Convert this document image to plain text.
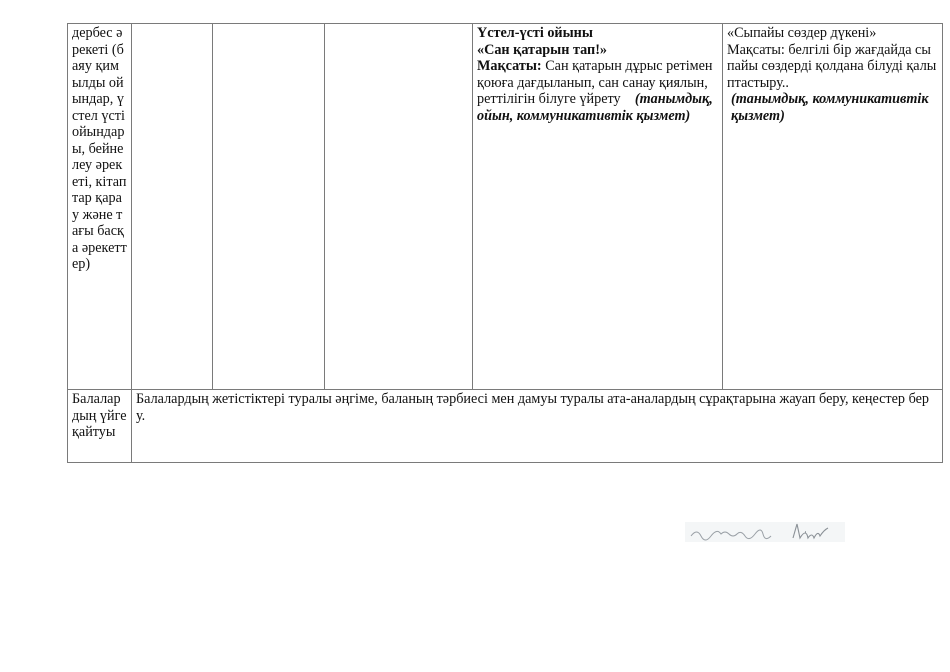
дербес әрекеті (баяу қимылды ойындар, үстел үсті ойындары, бейнелеу әрекеті, кітаптар қарау және тағы басқа әрекеттер)				Үстел-үсті ойыны
«Сан қатарын тап!»
Мақсаты: Сан қатарын дұрыс ретімен қоюға дағдыланып, сан санау қиялын, реттілігін білуге үйрету (танымдық, ойын, коммуникативтік қызмет)	«Сыпайы сөздер дүкені»
Мақсаты: белгілі бір жағдайда сыпайы сөздерді қолдана білуді қалыптастыру..
(танымдық, коммуникативтік қызмет)

Балалардың үйге қайтуы	Балалардың жетістіктері туралы әңгіме, баланың тәрбиесі мен дамуы туралы ата-аналардың сұрақтарына жауап беру, кеңестер беру.				
